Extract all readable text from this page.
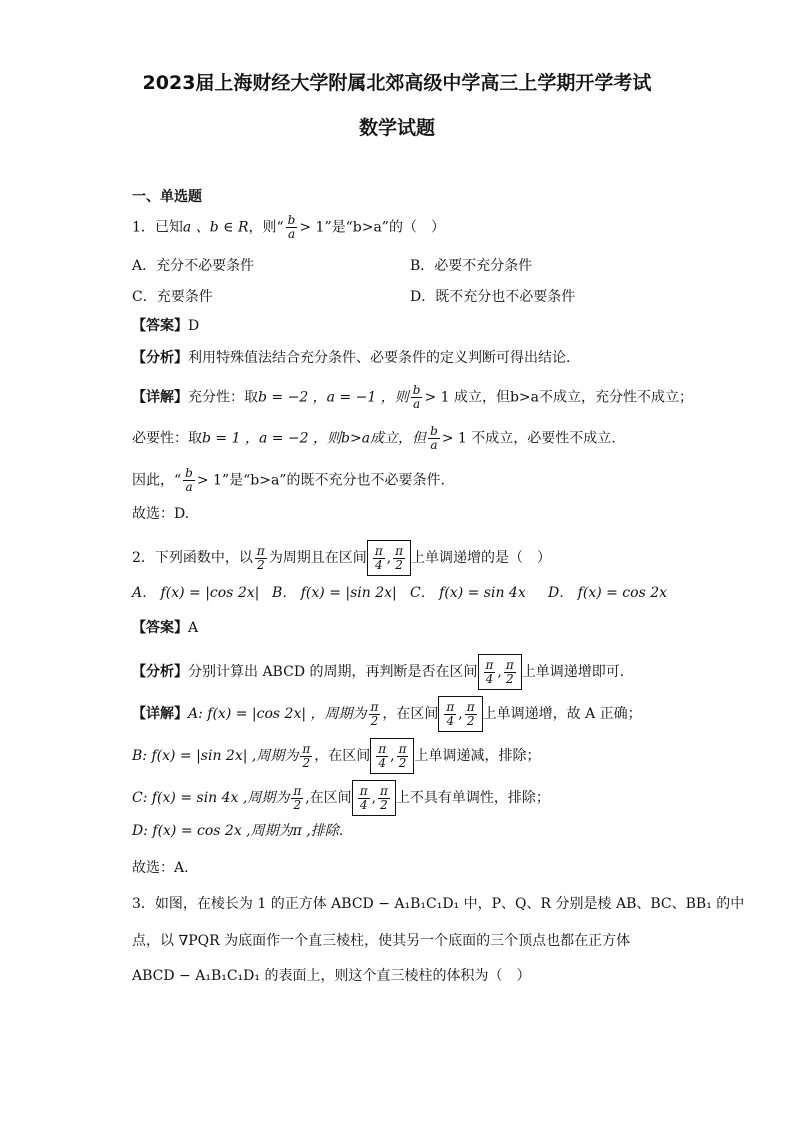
2023届上海财经大学附属北郊高级中学高三上学期开学考试
数学试题
一、单选题
1．已知a 、b ∈ R，则“ $\frac{b}{a} > 1$”是“b>a”的（　）
A．充分不必要条件	B．必要不充分条件
C．充要条件	D．既不充分也不必要条件
【答案】D
【分析】利用特殊值法结合充分条件、必要条件的定义判断可得出结论.
【详解】充分性：取b = −2 ，a = −1 ，则 $\frac{b}{a} > 1$ 成立，但b>a不成立，充分性不成立；
必要性：取b = 1 ，a = −2 ，则b>a成立，但 $\frac{b}{a} > 1$ 不成立，必要性不成立.
因此，“ $\frac{b}{a} > 1$”是“b>a”的既不充分也不必要条件.
故选：D.
2．下列函数中，以 $\frac{\pi}{2}$ 为周期且在区间 $\frac{\pi}{4}$ , $\frac{\pi}{2}$ 上单调递增的是（　）
A． f(x) = |cos 2x| B． f(x) = |sin 2x| C． f(x) = sin 4x D． f(x) = cos 2x
【答案】A
【分析】分别计算出 ABCD 的周期，再判断是否在区间 $\frac{\pi}{4}$ , $\frac{\pi}{2}$ 上单调递增即可.
【详解】A: f(x) = |cos 2x| ，周期为 $\frac{\pi}{2}$ ，在区间 $\frac{\pi}{4}$ , $\frac{\pi}{2}$ 上单调递增，故 A 正确；
B: f(x) = |sin 2x| ,周期为 $\frac{\pi}{2}$ ，在区间 $\frac{\pi}{4}$ , $\frac{\pi}{2}$ 上单调递减，排除；
C: f(x) = sin 4x ,周期为 $\frac{\pi}{2}$ ,在区间 $\frac{\pi}{4}$ , $\frac{\pi}{2}$ 上不具有单调性，排除；
D: f(x) = cos 2x ,周期为π ,排除.
故选：A.
3．如图，在棱长为 1 的正方体 ABCD − A₁B₁C₁D₁ 中，P、Q、R 分别是棱 AB、BC、BB₁ 的中
点，以 ∇PQR 为底面作一个直三棱柱，使其另一个底面的三个顶点也都在正方体
ABCD − A₁B₁C₁D₁ 的表面上，则这个直三棱柱的体积为（　）
